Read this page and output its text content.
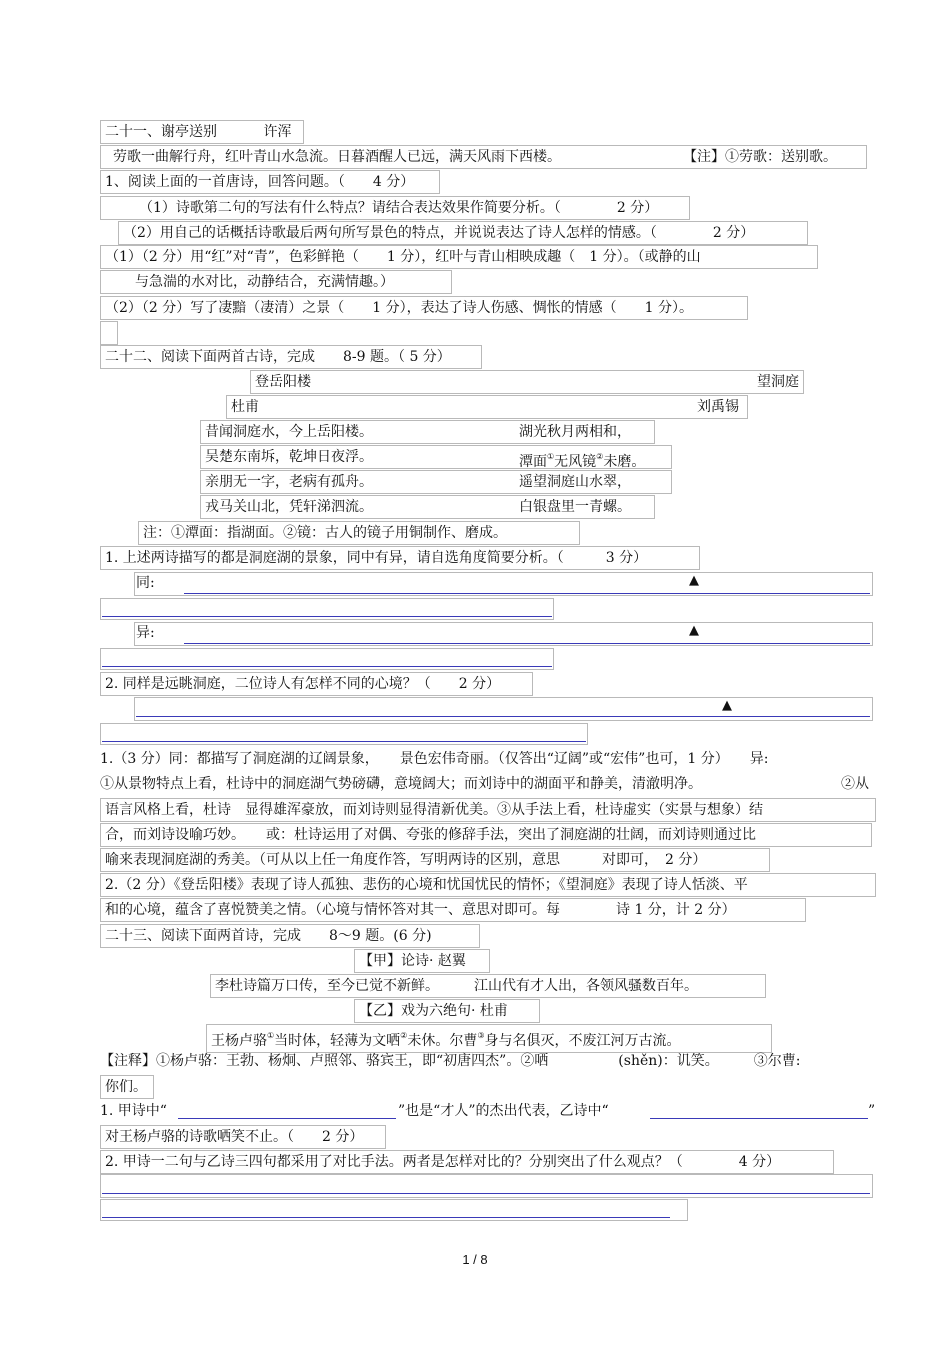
二十一、谢亭送别	许浑
劳歌一曲解行舟，红叶青山水急流。日暮酒醒人已远，满天风雨下西楼。	【注】①劳歌：送别歌。
1、阅读上面的一首唐诗，回答问题。（　　4 分）
（1）诗歌第二句的写法有什么特点？请结合表达效果作简要分析。（　　　　2 分）
（2）用自己的话概括诗歌最后两句所写景色的特点，并说说表达了诗人怎样的情感。（　　　　2 分）
（1）（2 分）用“红”对“青”，色彩鲜艳（　　1 分），红叶与青山相映成趣（　1 分）。（或静的山
与急湍的水对比，动静结合，充满情趣。）
（2）（2 分）写了凄黯（凄清）之景（　　1 分），表达了诗人伤感、惆怅的情感（　　1 分）。
二十二、阅读下面两首古诗，完成　　8-9 题。（ 5 分）
登岳阳楼	望洞庭
杜甫	刘禹锡
昔闻洞庭水，今上岳阳楼。	湖光秋月两相和，
吴楚东南坼，乾坤日夜浮。	潭面①无风镜②未磨。
亲朋无一字，老病有孤舟。	遥望洞庭山水翠，
戎马关山北，凭轩涕泗流。	白银盘里一青螺。
注：①潭面：指湖面。②镜：古人的镜子用铜制作、磨成。
1. 上述两诗描写的都是洞庭湖的景象，同中有异，请自选角度简要分析。（　　　3 分）
同:	▲
异:	▲
2. 同样是远眺洞庭，二位诗人有怎样不同的心境？（　　2 分）
▲
1.（3 分）同：都描写了洞庭湖的辽阔景象，　　景色宏伟奇丽。（仅答出“辽阔”或“宏伟”也可，1 分）　　异:
①从景物特点上看，杜诗中的洞庭湖气势磅礴，意境阔大；而刘诗中的湖面平和静美，清澈明净。	②从
语言风格上看，杜诗　显得雄浑豪放，而刘诗则显得清新优美。③从手法上看，杜诗虚实（实景与想象）结
合，而刘诗设喻巧妙。　　或：杜诗运用了对偶、夸张的修辞手法，突出了洞庭湖的壮阔，而刘诗则通过比
喻来表现洞庭湖的秀美。（可从以上任一角度作答，写明两诗的区别，意思　　　对即可，　2 分）
2.（2 分）《登岳阳楼》表现了诗人孤独、悲伤的心境和忧国忧民的情怀；《望洞庭》表现了诗人恬淡、平
和的心境，蕴含了喜悦赞美之情。（心境与情怀答对其一、意思对即可。每　　　　诗 1 分，计 2 分）
二十三、阅读下面两首诗，完成　　8～9 题。(6 分)
【甲】论诗· 赵翼
李杜诗篇万口传，至今已觉不新鲜。　　　江山代有才人出，各领风骚数百年。
【乙】戏为六绝句· 杜甫
王杨卢骆①当时体，轻薄为文哂②未休。尔曹③身与名俱灭，不废江河万古流。
【注释】①杨卢骆：王勃、杨炯、卢照邻、骆宾王，即“初唐四杰”。②哂　　　　　(shěn)：讥笑。　　　③尔曹:
你们。
1. 甲诗中“	”也是“才人”的杰出代表，乙诗中“	”
对王杨卢骆的诗歌哂笑不止。（　　2 分）
2. 甲诗一二句与乙诗三四句都采用了对比手法。两者是怎样对比的？分别突出了什么观点？（　　　　4 分）
1 / 8
